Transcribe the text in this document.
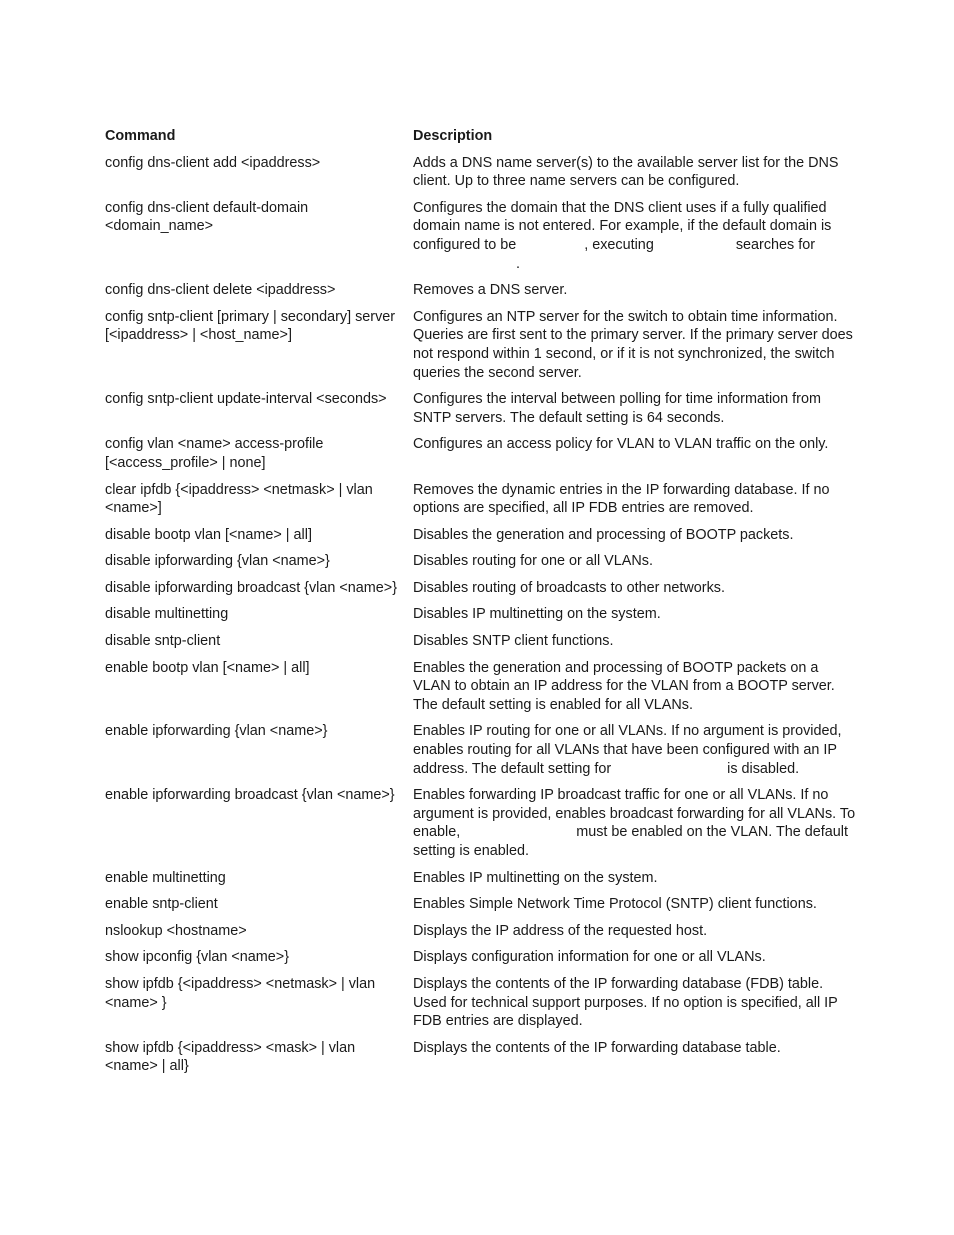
Command	Description
config dns-client add <ipaddress>	Adds a DNS name server(s) to the available server list for the DNS client. Up to three name servers can be configured.
config dns-client default-domain <domain_name>	Configures the domain that the DNS client uses if a fully qualified domain name is not entered. For example, if the default domain is configured to be , executing searches for
.
config dns-client delete <ipaddress>	Removes a DNS server.
config sntp-client [primary | secondary] server [<ipaddress> | <host_name>]	Configures an NTP server for the switch to obtain time information. Queries are first sent to the primary server. If the primary server does not respond within 1 second, or if it is not synchronized, the switch queries the second server.
config sntp-client update-interval <seconds>	Configures the interval between polling for time information from SNTP servers. The default setting is 64 seconds.
config vlan <name> access-profile [<access_profile> | none]	Configures an access policy for VLAN to VLAN traffic on the only.
clear ipfdb {<ipaddress> <netmask> | vlan <name>]	Removes the dynamic entries in the IP forwarding database. If no options are specified, all IP FDB entries are removed.
disable bootp vlan [<name> | all]	Disables the generation and processing of BOOTP packets.
disable ipforwarding {vlan <name>}	Disables routing for one or all VLANs.
disable ipforwarding broadcast {vlan <name>}	Disables routing of broadcasts to other networks.
disable multinetting	Disables IP multinetting on the system.
disable sntp-client	Disables SNTP client functions.
enable bootp vlan [<name> | all]	Enables the generation and processing of BOOTP packets on a VLAN to obtain an IP address for the VLAN from a BOOTP server. The default setting is enabled for all VLANs.
enable ipforwarding {vlan <name>}	Enables IP routing for one or all VLANs. If no argument is provided, enables routing for all VLANs that have been configured with an IP address. The default setting for is disabled.
enable ipforwarding broadcast {vlan <name>}	Enables forwarding IP broadcast traffic for one or all VLANs. If no argument is provided, enables broadcast forwarding for all VLANs. To enable, must be enabled on the VLAN. The default setting is enabled.
enable multinetting	Enables IP multinetting on the system.
enable sntp-client	Enables Simple Network Time Protocol (SNTP) client functions.
nslookup <hostname>	Displays the IP address of the requested host.
show ipconfig {vlan <name>}	Displays configuration information for one or all VLANs.
show ipfdb {<ipaddress> <netmask> | vlan <name> }	Displays the contents of the IP forwarding database (FDB) table. Used for technical support purposes. If no option is specified, all IP FDB entries are displayed.
show ipfdb {<ipaddress> <mask> | vlan <name> | all}	Displays the contents of the IP forwarding database table.
